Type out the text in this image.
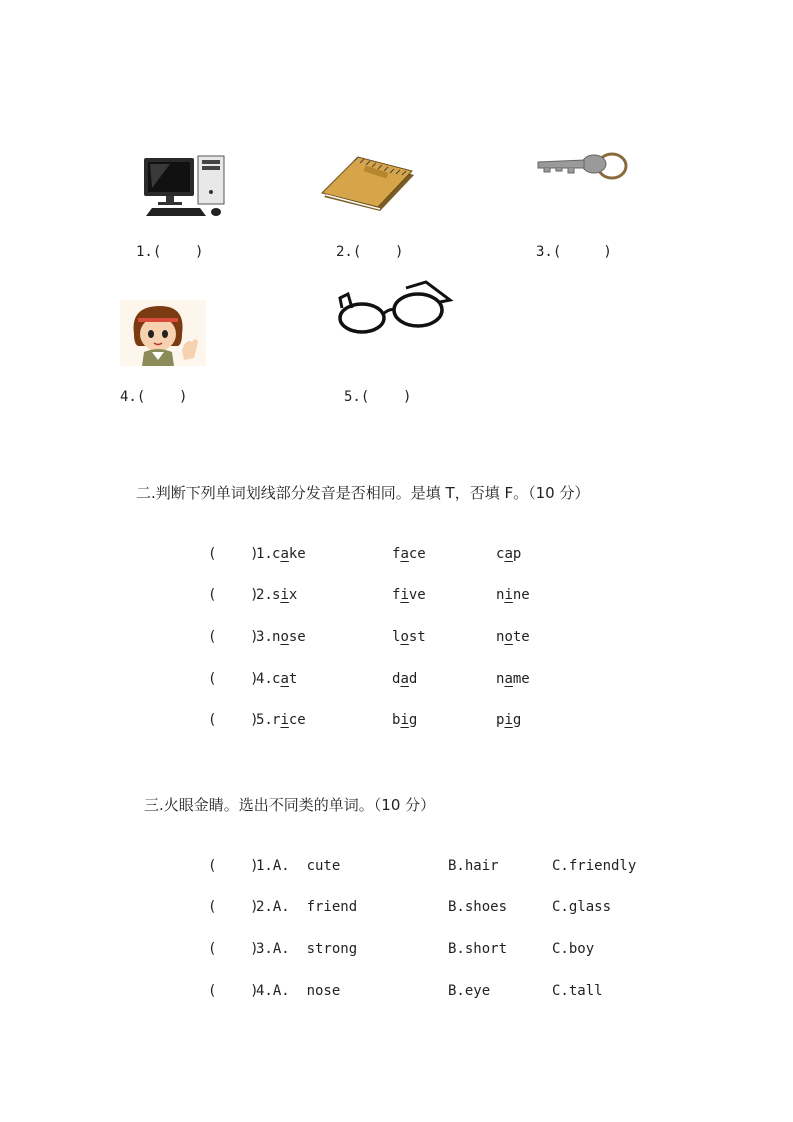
1.(    )	2.(    )	3.(     )
4.(    )	5.(    )
二.判断下列单词划线部分发音是否相同。是填 T，否填 F。（10 分）
(    )
1. cake	face	cap
(    )
2. six	five	nine
(    )
3. nose	lost	note
(    )
4. cat	dad	name
(    )
5. rice	big	pig
三.火眼金睛。选出不同类的单词。（10 分）
(    )
1.A.  cute	B.hair	C.friendly
(    )
2.A.  friend	B.shoes	C.glass
(    )
3.A.  strong	B.short	C.boy
(    )
4.A.  nose	B.eye	C.tall
